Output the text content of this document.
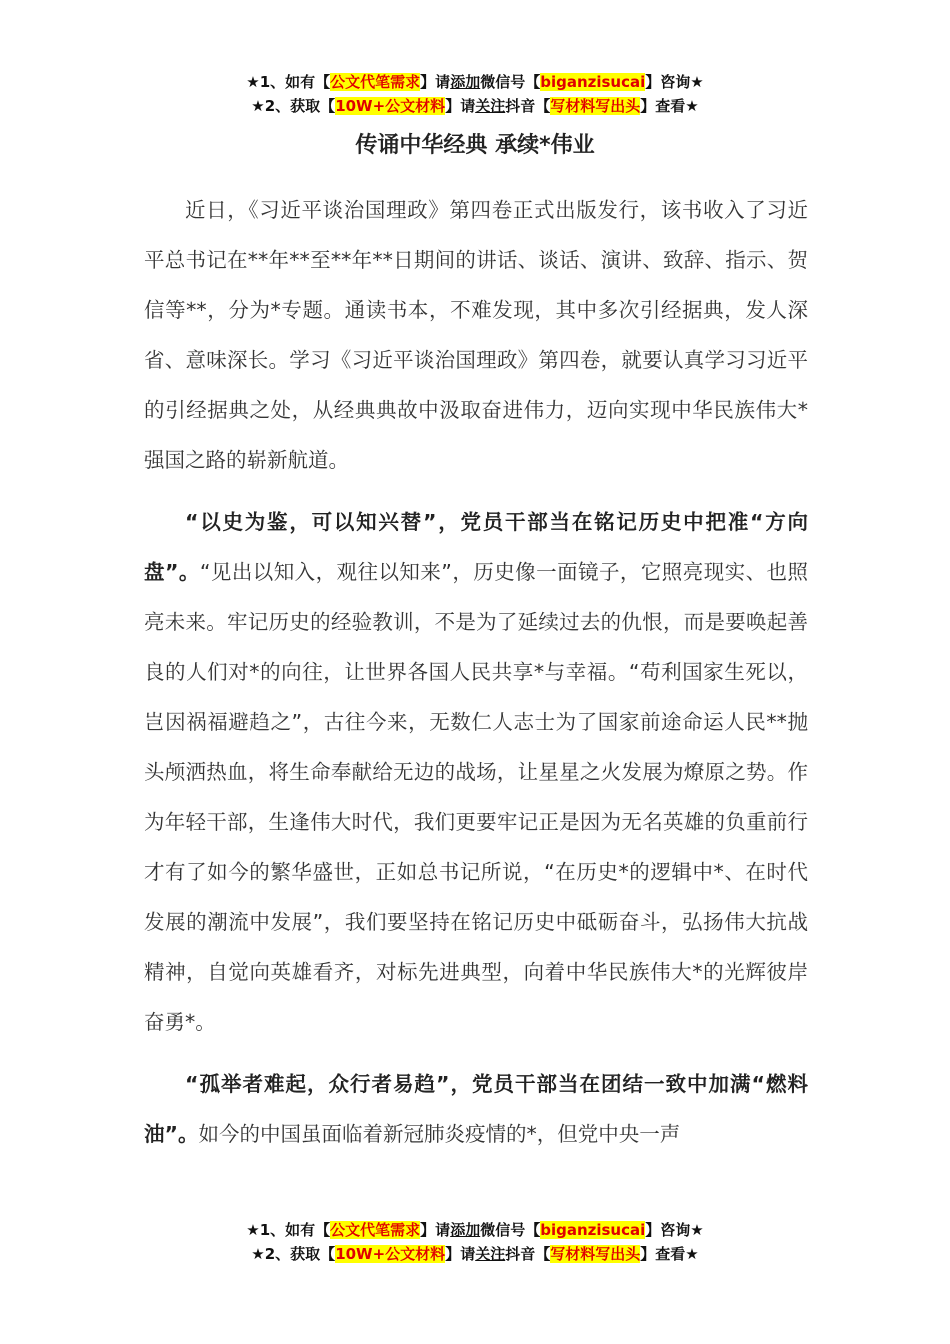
★1、如有【公文代笔需求】请添加微信号【biganzisucai】咨询★
★2、获取【10W+公文材料】请关注抖音【写材料写出头】查看★
传诵中华经典 承续*伟业

近日，《习近平谈治国理政》第四卷正式出版发行，该书收入了习近平总书记在**年**至**年**日期间的讲话、谈话、演讲、致辞、指示、贺信等**，分为*专题。通读书本，不难发现，其中多次引经据典，发人深省、意味深长。学习《习近平谈治国理政》第四卷，就要认真学习习近平的引经据典之处，从经典典故中汲取奋进伟力，迈向实现中华民族伟大*强国之路的崭新航道。

“以史为鉴，可以知兴替”，党员干部当在铭记历史中把准“方向盘”。“见出以知入，观往以知来”，历史像一面镜子，它照亮现实、也照亮未来。牢记历史的经验教训，不是为了延续过去的仇恨，而是要唤起善良的人们对*的向往，让世界各国人民共享*与幸福。“苟利国家生死以，岂因祸福避趋之”，古往今来，无数仁人志士为了国家前途命运人民**抛头颅洒热血，将生命奉献给无边的战场，让星星之火发展为燎原之势。作为年轻干部，生逢伟大时代，我们更要牢记正是因为无名英雄的负重前行才有了如今的繁华盛世，正如总书记所说，“在历史*的逻辑中*、在时代发展的潮流中发展”，我们要坚持在铭记历史中砥砺奋斗，弘扬伟大抗战精神，自觉向英雄看齐，对标先进典型，向着中华民族伟大*的光辉彼岸奋勇*。

“孤举者难起，众行者易趋”，党员干部当在团结一致中加满“燃料油”。如今的中国虽面临着新冠肺炎疫情的*，但党中央一声

★1、如有【公文代笔需求】请添加微信号【biganzisucai】咨询★
★2、获取【10W+公文材料】请关注抖音【写材料写出头】查看★
